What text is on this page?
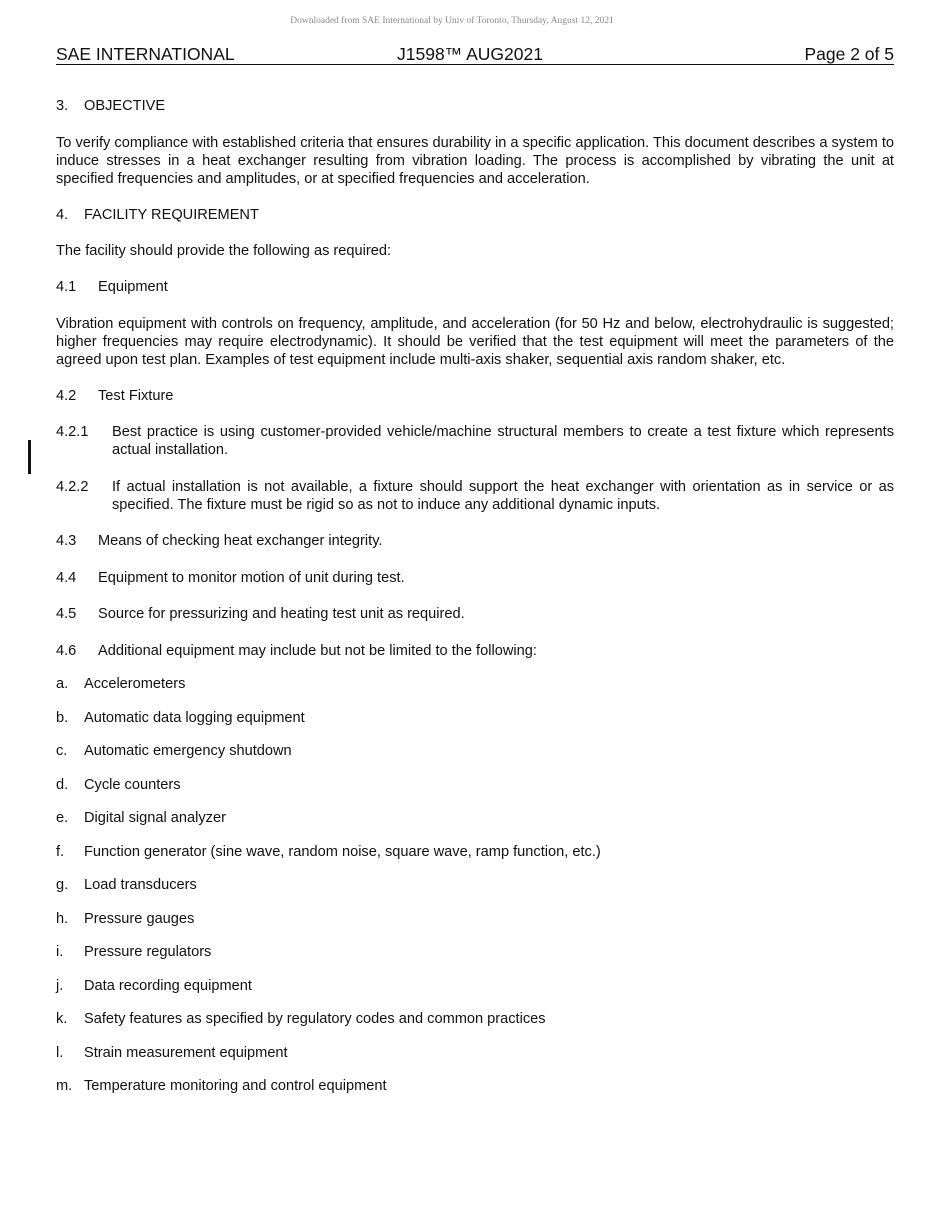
Downloaded from SAE International by Univ of Toronto, Thursday, August 12, 2021
SAE INTERNATIONAL	J1598™ AUG2021	Page 2 of 5
3.	OBJECTIVE

To verify compliance with established criteria that ensures durability in a specific application. This document describes a system to induce stresses in a heat exchanger resulting from vibration loading. The process is accomplished by vibrating the unit at specified frequencies and amplitudes, or at specified frequencies and acceleration.

4.	FACILITY REQUIREMENT

The facility should provide the following as required:

4.1	Equipment

Vibration equipment with controls on frequency, amplitude, and acceleration (for 50 Hz and below, electrohydraulic is suggested; higher frequencies may require electrodynamic). It should be verified that the test equipment will meet the parameters of the agreed upon test plan. Examples of test equipment include multi-axis shaker, sequential axis random shaker, etc.

4.2	Test Fixture
4.2.1	Best practice is using customer-provided vehicle/machine structural members to create a test fixture which represents actual installation.
4.2.2	If actual installation is not available, a fixture should support the heat exchanger with orientation as in service or as specified. The fixture must be rigid so as not to induce any additional dynamic inputs.
4.3	Means of checking heat exchanger integrity.
4.4	Equipment to monitor motion of unit during test.
4.5	Source for pressurizing and heating test unit as required.
4.6	Additional equipment may include but not be limited to the following:
a.	Accelerometers
b.	Automatic data logging equipment
c.	Automatic emergency shutdown
d.	Cycle counters
e.	Digital signal analyzer
f.	Function generator (sine wave, random noise, square wave, ramp function, etc.)
g.	Load transducers
h.	Pressure gauges
i.	Pressure regulators
j.	Data recording equipment
k.	Safety features as specified by regulatory codes and common practices
l.	Strain measurement equipment
m. Temperature monitoring and control equipment
